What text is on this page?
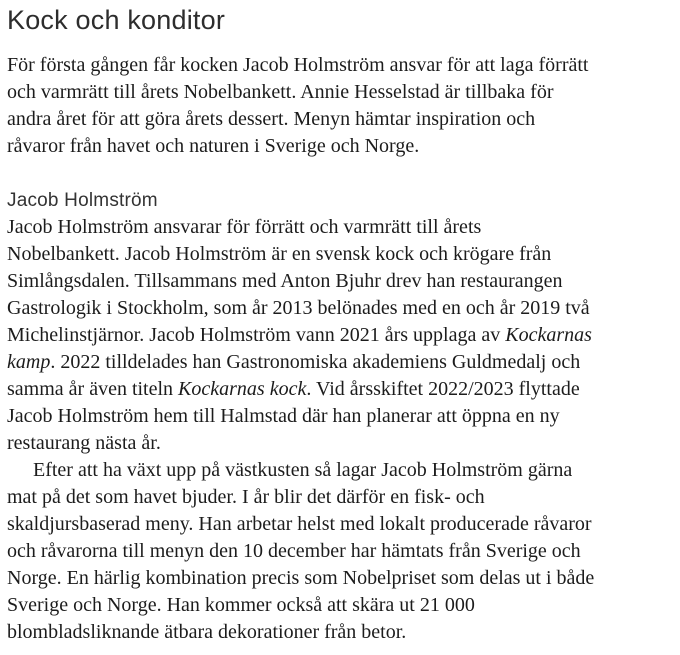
Kock och konditor
För första gången får kocken Jacob Holmström ansvar för att laga förrätt
och varmrätt till årets Nobelbankett. Annie Hesselstad är tillbaka för
andra året för att göra årets dessert. Menyn hämtar inspiration och
råvaror från havet och naturen i Sverige och Norge.
Jacob Holmström
Jacob Holmström ansvarar för förrätt och varmrätt till årets
Nobelbankett. Jacob Holmström är en svensk kock och krögare från
Simlångsdalen. Tillsammans med Anton Bjuhr drev han restaurangen
Gastrologik i Stockholm, som år 2013 belönades med en och år 2019 två
Michelinstjärnor. Jacob Holmström vann 2021 års upplaga av Kockarnas
kamp. 2022 tilldelades han Gastronomiska akademiens Guldmedalj och
samma år även titeln Kockarnas kock. Vid årsskiftet 2022/2023 flyttade
Jacob Holmström hem till Halmstad där han planerar att öppna en ny
restaurang nästa år.
Efter att ha växt upp på västkusten så lagar Jacob Holmström gärna
mat på det som havet bjuder. I år blir det därför en fisk- och
skaldjursbaserad meny. Han arbetar helst med lokalt producerade råvaror
och råvarorna till menyn den 10 december har hämtats från Sverige och
Norge. En härlig kombination precis som Nobelpriset som delas ut i både
Sverige och Norge. Han kommer också att skära ut 21 000
blombladsliknande ätbara dekorationer från betor.
